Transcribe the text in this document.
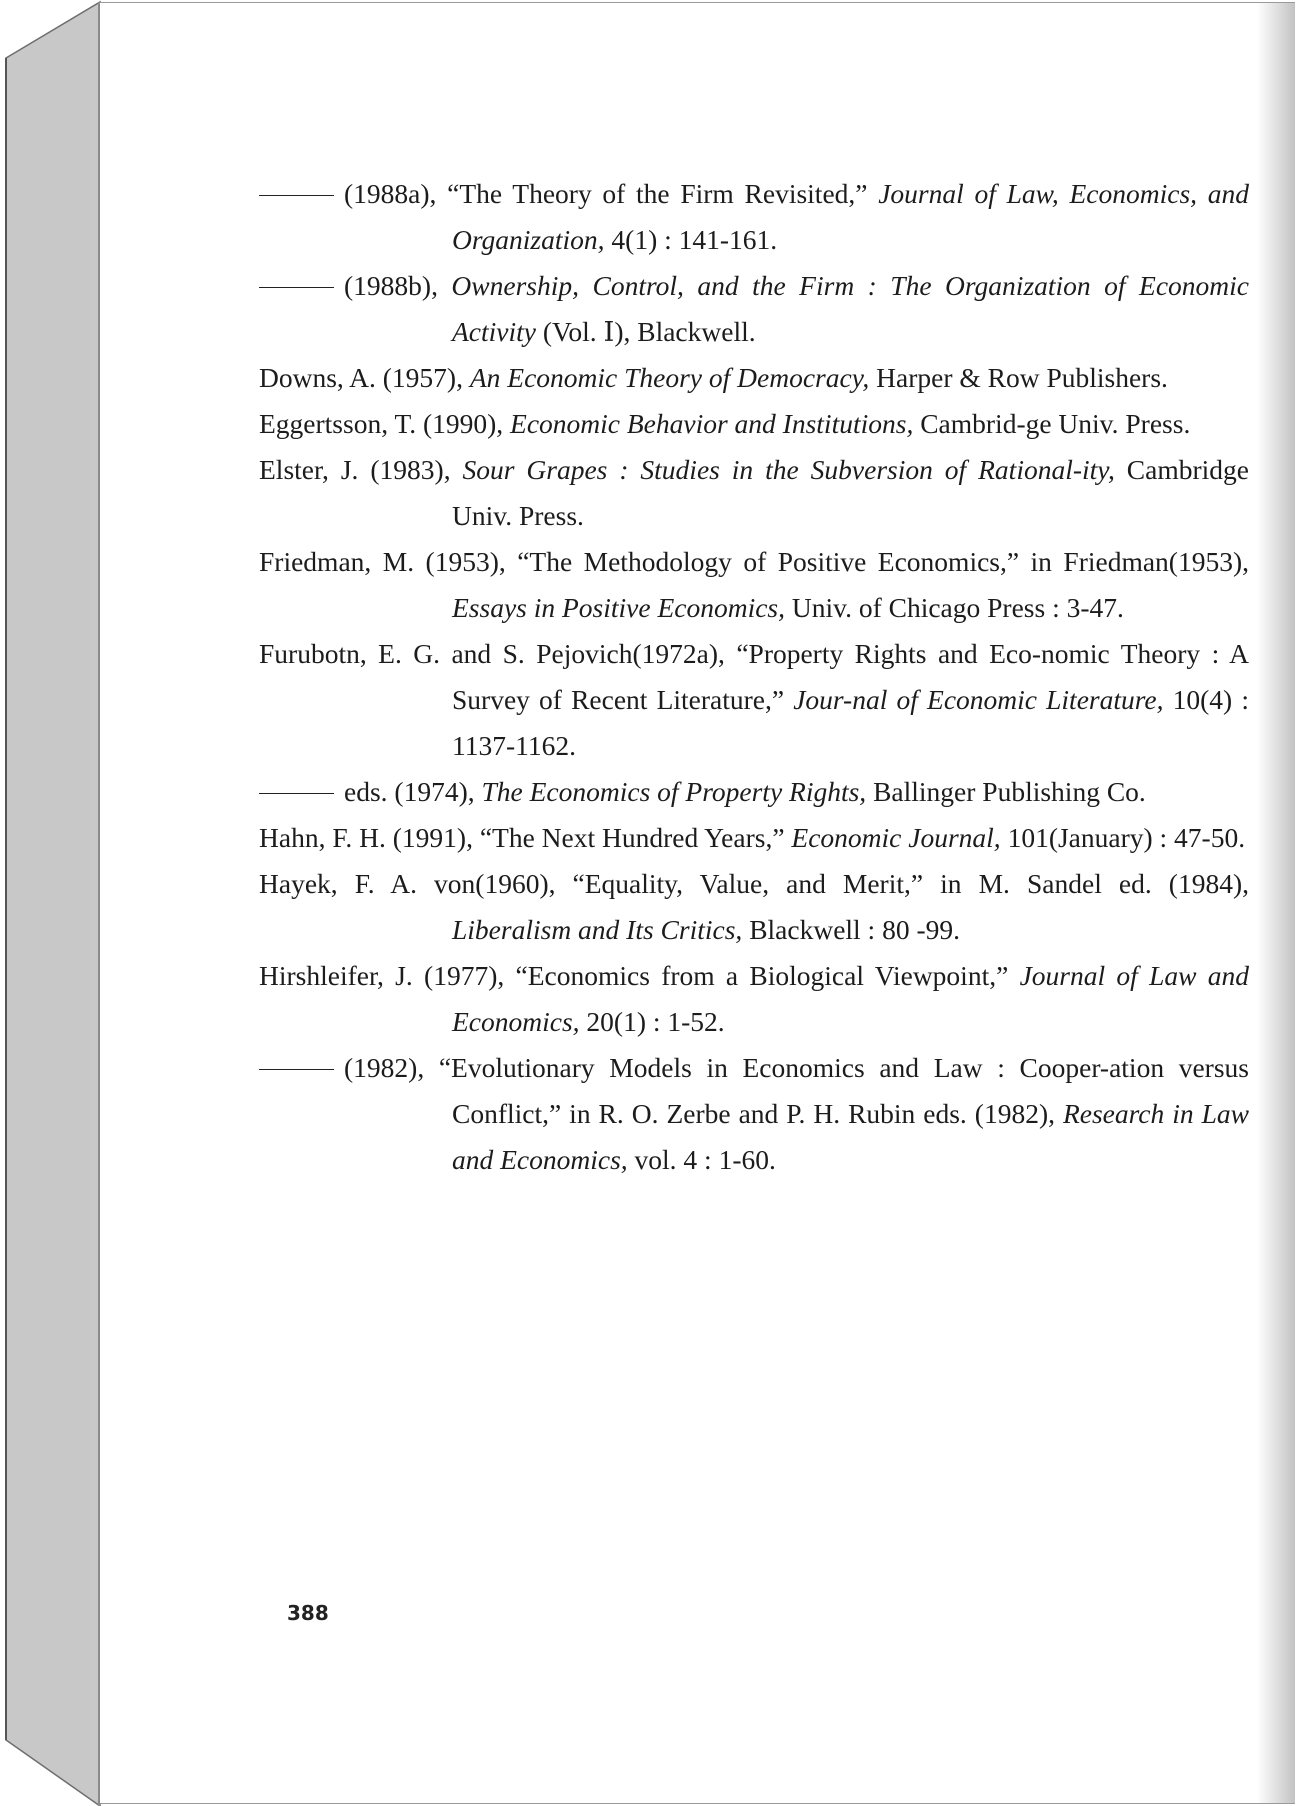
(1988a), “The Theory of the Firm Revisited,” Journal of Law, Economics, and Organization, 4(1) : 141-161.
(1988b), Ownership, Control, and the Firm : The Organization of Economic Activity (Vol. Ⅰ), Blackwell.
Downs, A. (1957), An Economic Theory of Democracy, Harper & Row Publishers.
Eggertsson, T. (1990), Economic Behavior and Institutions, Cambrid-ge Univ. Press.
Elster, J. (1983), Sour Grapes : Studies in the Subversion of Rational-ity, Cambridge Univ. Press.
Friedman, M. (1953), “The Methodology of Positive Economics,” in Friedman(1953), Essays in Positive Economics, Univ. of Chicago Press : 3-47.
Furubotn, E. G. and S. Pejovich(1972a), “Property Rights and Eco-nomic Theory : A Survey of Recent Literature,” Jour-nal of Economic Literature, 10(4) : 1137-1162.
eds. (1974), The Economics of Property Rights, Ballinger Publishing Co.
Hahn, F. H. (1991), “The Next Hundred Years,” Economic Journal, 101(January) : 47-50.
Hayek, F. A. von(1960), “Equality, Value, and Merit,” in M. Sandel ed. (1984), Liberalism and Its Critics, Blackwell : 80 -99.
Hirshleifer, J. (1977), “Economics from a Biological Viewpoint,” Journal of Law and Economics, 20(1) : 1-52.
(1982), “Evolutionary Models in Economics and Law : Cooper-ation versus Conflict,” in R. O. Zerbe and P. H. Rubin eds. (1982), Research in Law and Economics, vol. 4 : 1-60.
388
